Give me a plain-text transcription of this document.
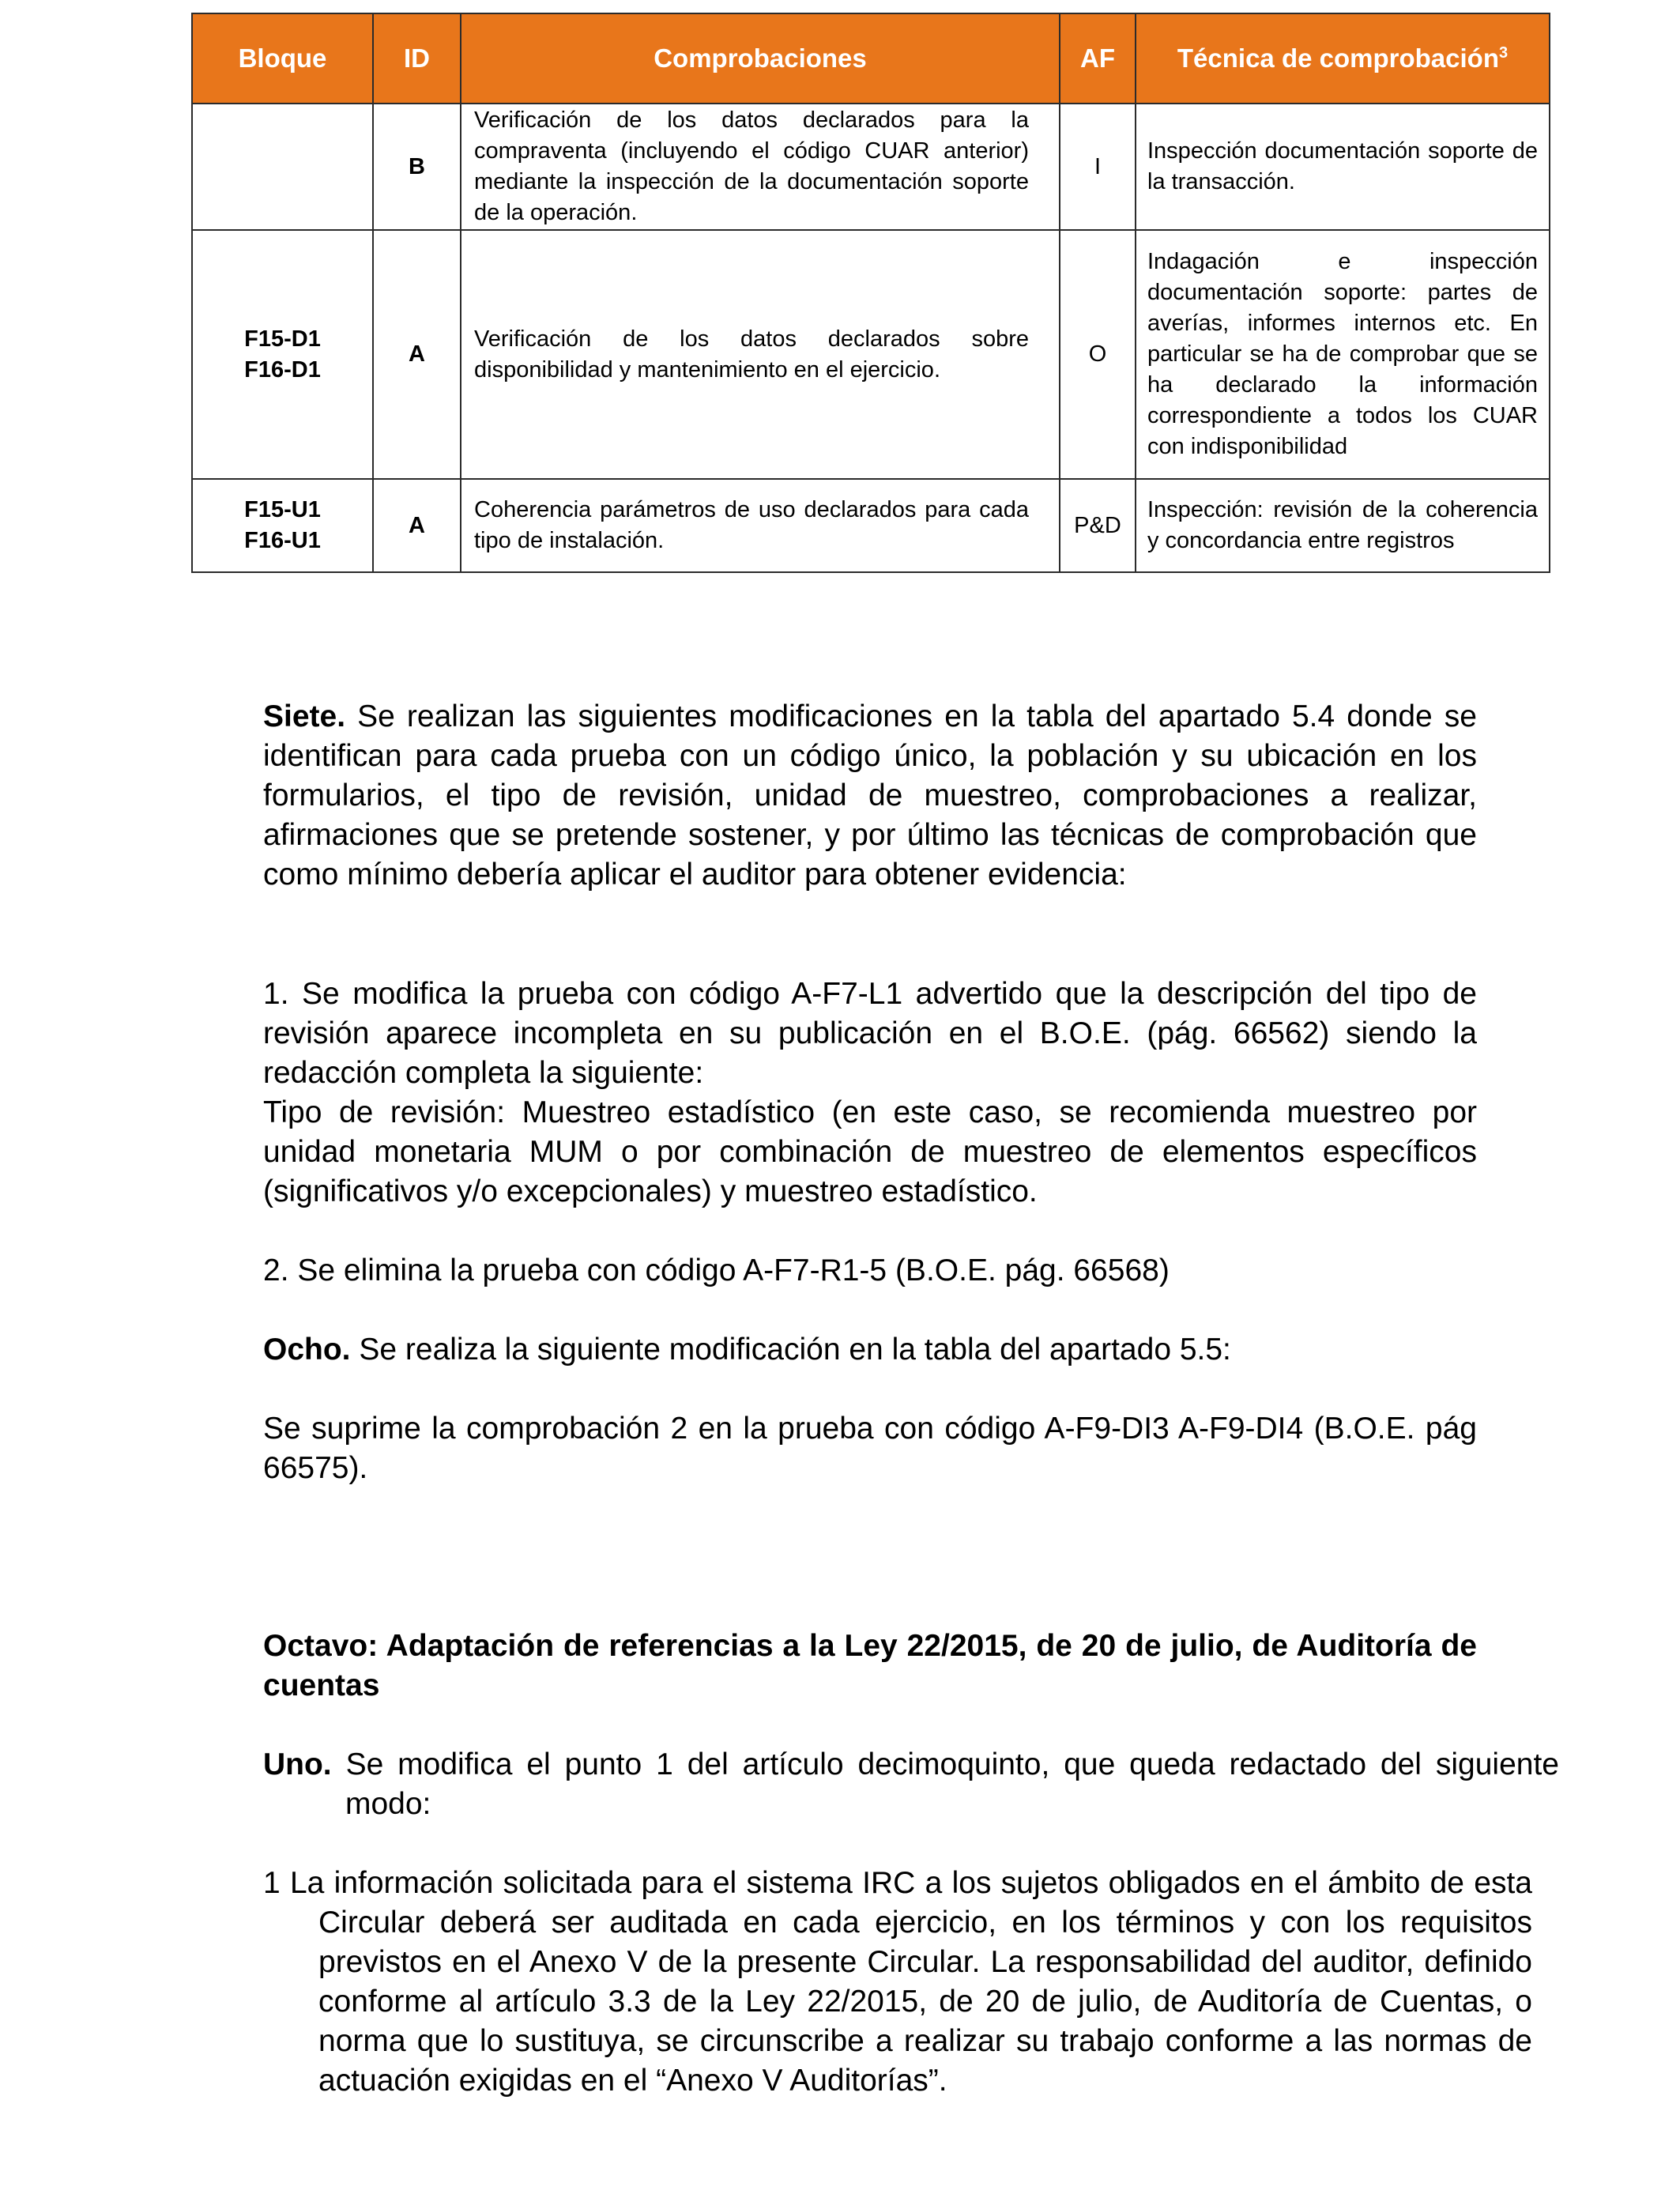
Bloque	ID	Comprobaciones	AF	Técnica de comprobación$^3$

	B	Verificación de los datos declarados para la compraventa (incluyendo el código CUAR anterior) mediante la inspección de la documentación soporte de la operación.	I	Inspección documentación soporte de la transacción.

F15-D1
F16-D1	A	Verificación de los datos declarados sobre disponibilidad y mantenimiento en el ejercicio.	O	Indagación e inspección documentación soporte: partes de averías, informes internos etc. En particular se ha de comprobar que se ha declarado la información correspondiente a todos los CUAR con indisponibilidad

F15-U1
F16-U1	A	Coherencia parámetros de uso declarados para cada tipo de instalación.	P&D	Inspección: revisión de la coherencia y concordancia entre registros

Siete. Se realizan las siguientes modificaciones en la tabla del apartado 5.4 donde se identifican para cada prueba con un código único, la población y su ubicación en los formularios, el tipo de revisión, unidad de muestreo, comprobaciones a realizar, afirmaciones que se pretende sostener, y por último las técnicas de comprobación que como mínimo debería aplicar el auditor para obtener evidencia:

1. Se modifica la prueba con código A-F7-L1 advertido que la descripción del tipo de revisión aparece incompleta en su publicación en el B.O.E. (pág. 66562) siendo la redacción completa la siguiente:
Tipo de revisión: Muestreo estadístico (en este caso, se recomienda muestreo por unidad monetaria MUM o por combinación de muestreo de elementos específicos (significativos y/o excepcionales) y muestreo estadístico.

2. Se elimina la prueba con código A-F7-R1-5 (B.O.E. pág. 66568)

Ocho. Se realiza la siguiente modificación en la tabla del apartado 5.5:

Se suprime la comprobación 2 en la prueba con código A-F9-DI3 A-F9-DI4 (B.O.E. pág 66575).

Octavo: Adaptación de referencias a la Ley 22/2015, de 20 de julio, de Auditoría de cuentas

Uno. Se modifica el punto 1 del artículo decimoquinto, que queda redactado del siguiente modo:

1 La información solicitada para el sistema IRC a los sujetos obligados en el ámbito de esta Circular deberá ser auditada en cada ejercicio, en los términos y con los requisitos previstos en el Anexo V de la presente Circular. La responsabilidad del auditor, definido conforme al artículo 3.3 de la Ley 22/2015, de 20 de julio, de Auditoría de Cuentas, o norma que lo sustituya, se circunscribe a realizar su trabajo conforme a las normas de actuación exigidas en el “Anexo V Auditorías”.
